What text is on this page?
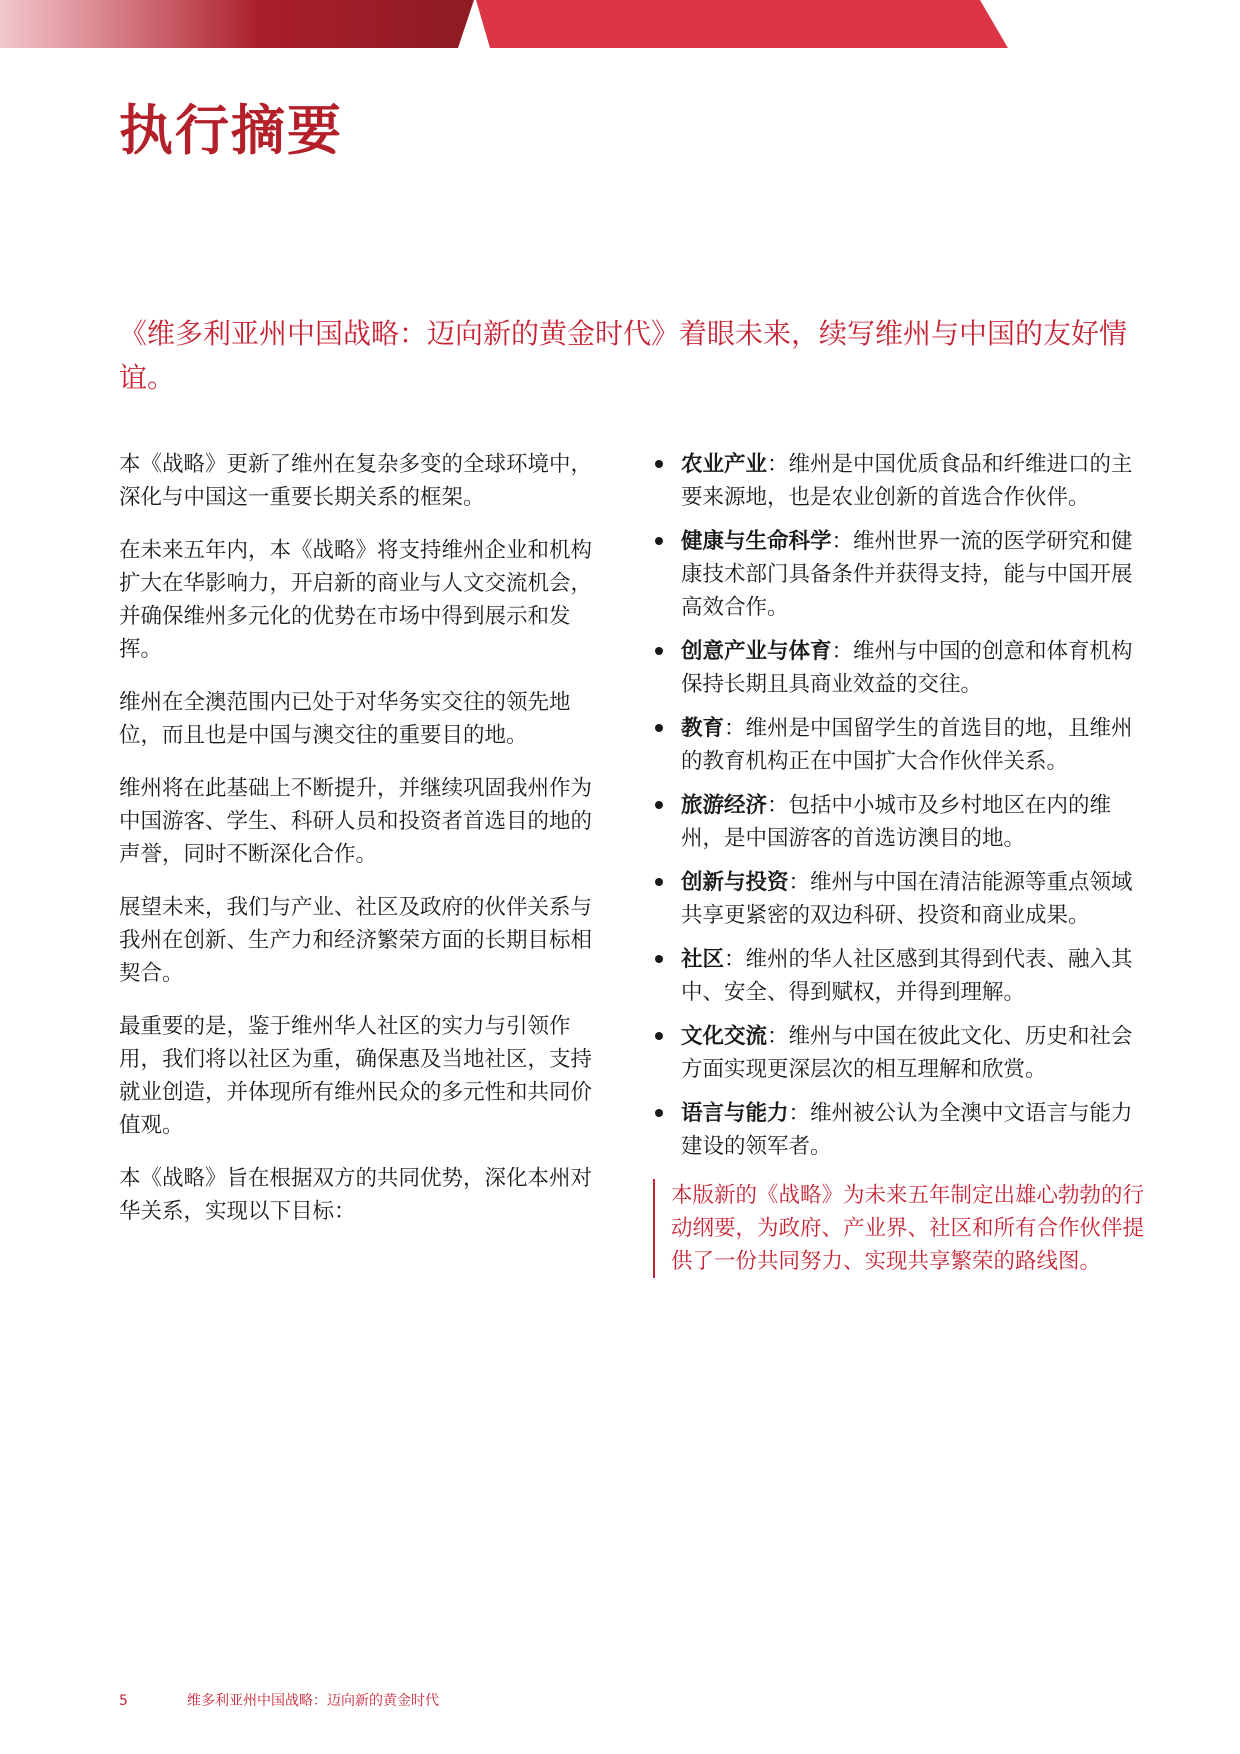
执行摘要

《维多利亚州中国战略：迈向新的黄金时代》着眼未来，续写维州与中国的友好情谊。

本《战略》更新了维州在复杂多变的全球环境中，深化与中国这一重要长期关系的框架。

在未来五年内，本《战略》将支持维州企业和机构扩大在华影响力，开启新的商业与人文交流机会，并确保维州多元化的优势在市场中得到展示和发挥。

维州在全澳范围内已处于对华务实交往的领先地位，而且也是中国与澳交往的重要目的地。

维州将在此基础上不断提升，并继续巩固我州作为中国游客、学生、科研人员和投资者首选目的地的声誉，同时不断深化合作。

展望未来，我们与产业、社区及政府的伙伴关系与我州在创新、生产力和经济繁荣方面的长期目标相契合。

最重要的是，鉴于维州华人社区的实力与引领作用，我们将以社区为重，确保惠及当地社区，支持就业创造，并体现所有维州民众的多元性和共同价值观。

本《战略》旨在根据双方的共同优势，深化本州对华关系，实现以下目标：

农业产业：维州是中国优质食品和纤维进口的主要来源地，也是农业创新的首选合作伙伴。
健康与生命科学：维州世界一流的医学研究和健康技术部门具备条件并获得支持，能与中国开展高效合作。
创意产业与体育：维州与中国的创意和体育机构保持长期且具商业效益的交往。
教育：维州是中国留学生的首选目的地，且维州的教育机构正在中国扩大合作伙伴关系。
旅游经济：包括中小城市及乡村地区在内的维州，是中国游客的首选访澳目的地。
创新与投资：维州与中国在清洁能源等重点领域共享更紧密的双边科研、投资和商业成果。
社区：维州的华人社区感到其得到代表、融入其中、安全、得到赋权，并得到理解。
文化交流：维州与中国在彼此文化、历史和社会方面实现更深层次的相互理解和欣赏。
语言与能力：维州被公认为全澳中文语言与能力建设的领军者。
本版新的《战略》为未来五年制定出雄心勃勃的行动纲要，为政府、产业界、社区和所有合作伙伴提供了一份共同努力、实现共享繁荣的路线图。
5	维多利亚州中国战略：迈向新的黄金时代
